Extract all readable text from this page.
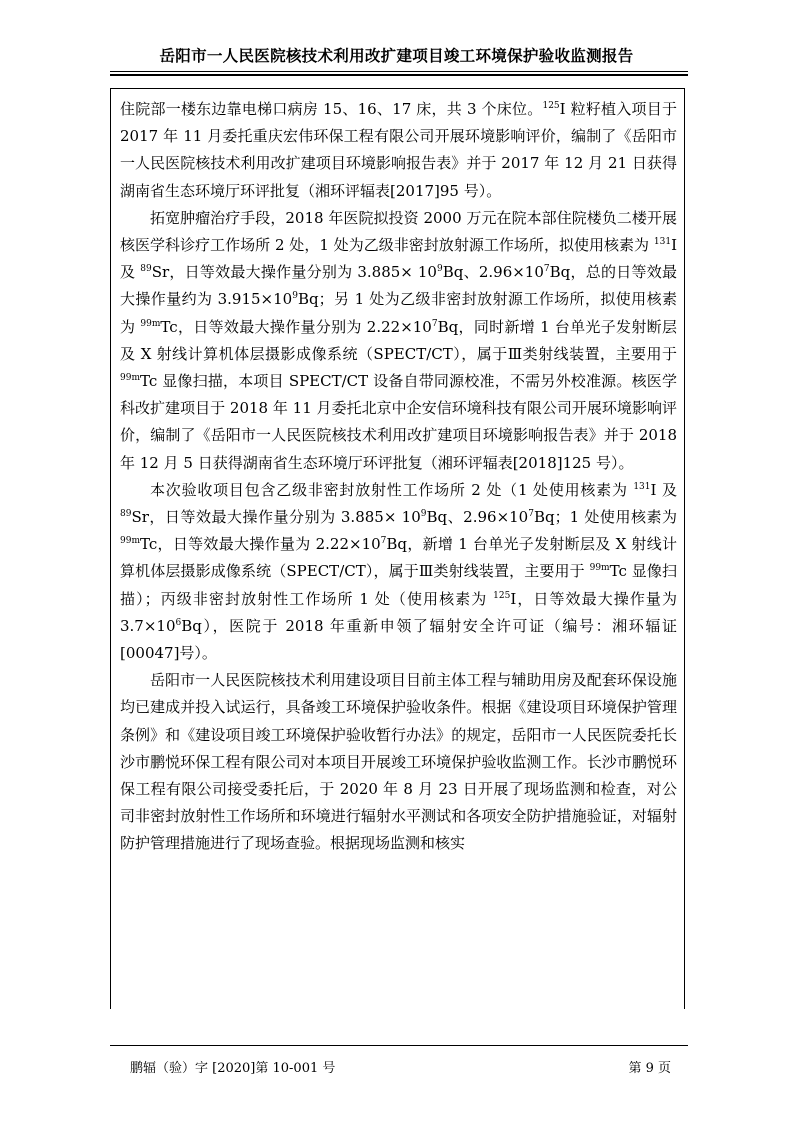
岳阳市一人民医院核技术利用改扩建项目竣工环境保护验收监测报告

住院部一楼东边靠电梯口病房 15、16、17 床，共 3 个床位。$^{125}$I 粒籽植入项目于 2017 年 11 月委托重庆宏伟环保工程有限公司开展环境影响评价，编制了《岳阳市一人民医院核技术利用改扩建项目环境影响报告表》并于 2017 年 12 月 21 日获得湖南省生态环境厅环评批复（湘环评辐表[2017]95 号）。

拓宽肿瘤治疗手段，2018 年医院拟投资 2000 万元在院本部住院楼负二楼开展核医学科诊疗工作场所 2 处，1 处为乙级非密封放射源工作场所，拟使用核素为 $^{131}$I 及 $^{89}$Sr，日等效最大操作量分别为 $3.885\times 10^9Bq$、$2.96\times 10^7Bq$，总的日等效最大操作量约为 $3.915\times 10^9Bq$；另 1 处为乙级非密封放射源工作场所，拟使用核素为 $^{99m}$Tc，日等效最大操作量分别为 $2.22\times 10^7Bq$，同时新增 1 台单光子发射断层及 X 射线计算机体层摄影成像系统（SPECT/CT），属于Ⅲ类射线装置，主要用于 $^{99m}$Tc 显像扫描，本项目 SPECT/CT 设备自带同源校准，不需另外校准源。核医学科改扩建项目于 2018 年 11 月委托北京中企安信环境科技有限公司开展环境影响评价，编制了《岳阳市一人民医院核技术利用改扩建项目环境影响报告表》并于 2018 年 12 月 5 日获得湖南省生态环境厅环评批复（湘环评辐表[2018]125 号）。

本次验收项目包含乙级非密封放射性工作场所 2 处（1 处使用核素为 $^{131}$I 及 $^{89}$Sr，日等效最大操作量分别为 $3.885\times 10^9Bq$、$2.96\times 10^7Bq$；1 处使用核素为 $^{99m}$Tc，日等效最大操作量为 $2.22\times 10^7Bq$，新增 1 台单光子发射断层及 X 射线计算机体层摄影成像系统（SPECT/CT），属于Ⅲ类射线装置，主要用于 $^{99m}$Tc 显像扫描）；丙级非密封放射性工作场所 1 处（使用核素为 $^{125}$I，日等效最大操作量为 $3.7\times 10^6Bq$），医院于 2018 年重新申领了辐射安全许可证（编号：湘环辐证[00047]号）。

岳阳市一人民医院核技术利用建设项目目前主体工程与辅助用房及配套环保设施均已建成并投入试运行，具备竣工环境保护验收条件。根据《建设项目环境保护管理条例》和《建设项目竣工环境保护验收暂行办法》的规定，岳阳市一人民医院委托长沙市鹏悦环保工程有限公司对本项目开展竣工环境保护验收监测工作。长沙市鹏悦环保工程有限公司接受委托后，于 2020 年 8 月 23 日开展了现场监测和检查，对公司非密封放射性工作场所和环境进行辐射水平测试和各项安全防护措施验证，对辐射防护管理措施进行了现场查验。根据现场监测和核实

鹏辐（验）字 [2020]第 10-001 号	第 9 页
